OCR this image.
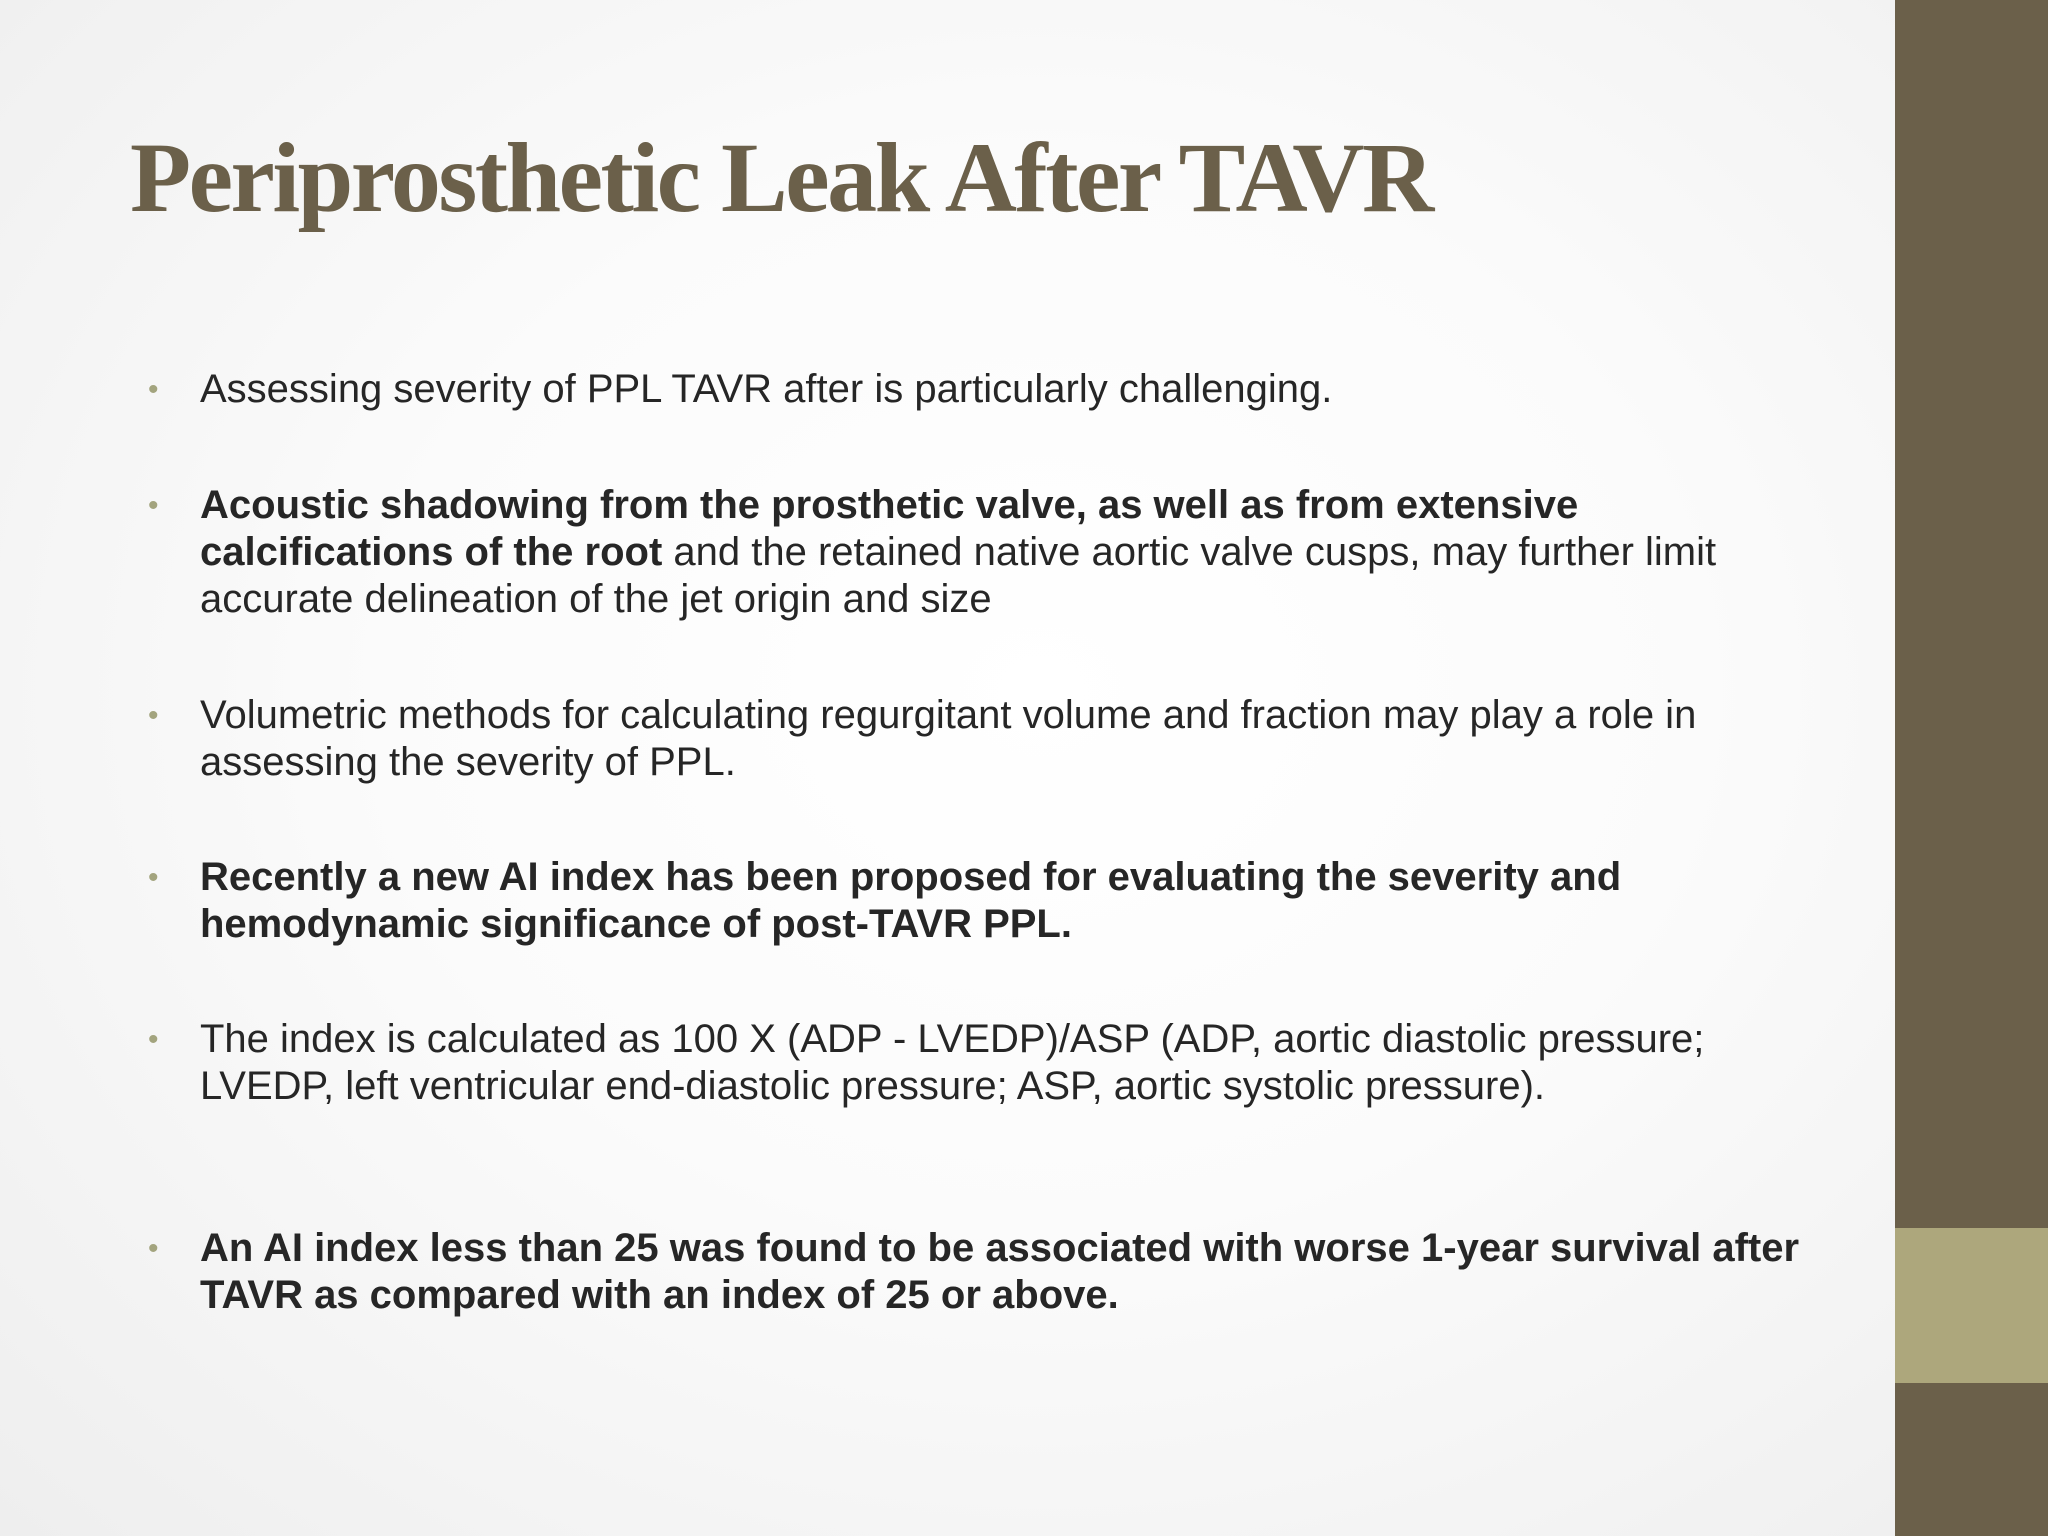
Periprosthetic Leak After TAVR
• Assessing severity of PPL TAVR after is particularly challenging.
• Acoustic shadowing from the prosthetic valve, as well as from extensive calcifications of the root and the retained native aortic valve cusps, may further limit accurate delineation of the jet origin and size
• Volumetric methods for calculating regurgitant volume and fraction may play a role in assessing the severity of PPL.
• Recently a new AI index has been proposed for evaluating the severity and hemodynamic significance of post-TAVR PPL.
• The index is calculated as 100 X (ADP - LVEDP)/ASP (ADP, aortic diastolic pressure; LVEDP, left ventricular end-diastolic pressure; ASP, aortic systolic pressure).
• An AI index less than 25 was found to be associated with worse 1-year survival after TAVR as compared with an index of 25 or above.
